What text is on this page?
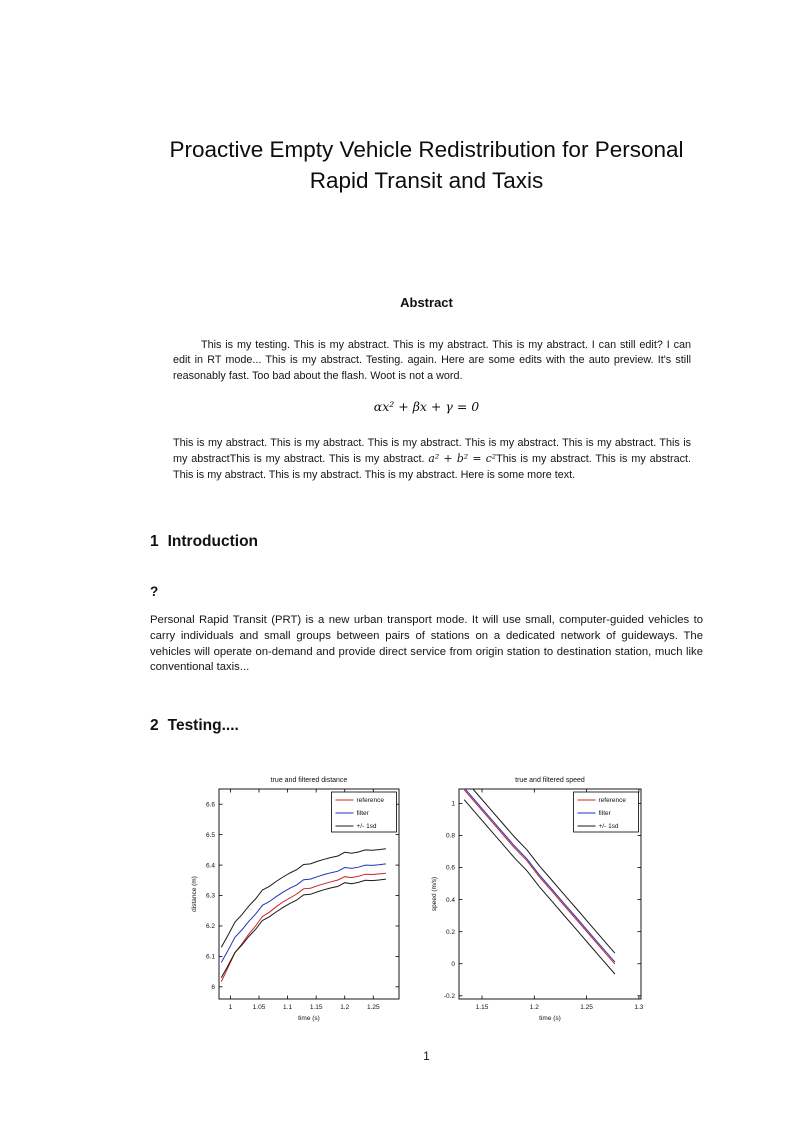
Proactive Empty Vehicle Redistribution for Personal
Rapid Transit and Taxis
Abstract
This is my testing. This is my abstract. This is my abstract. This is my abstract. I can still edit? I can edit in RT mode... This is my abstract. Testing. again. Here are some edits with the auto preview. It's still reasonably fast. Too bad about the flash. Woot is not a word.
αx² + βx + γ = 0
This is my abstract. This is my abstract. This is my abstract. This is my abstract. This is my abstract. This is my abstractThis is my abstract. This is my abstract. a² + b² = c²This is my abstract. This is my abstract. This is my abstract. This is my abstract. This is my abstract. Here is some more text.
1 Introduction
?
Personal Rapid Transit (PRT) is a new urban transport mode. It will use small, computer-guided vehicles to carry individuals and small groups between pairs of stations on a dedicated network of guideways. The vehicles will operate on-demand and provide direct service from origin station to destination station, much like conventional taxis...
2 Testing....
true and filtered distance
1	1.05	1.1	1.15	1.2	1.25
6
6.1
6.2
6.3
6.4
6.5
6.6
time (s)
distance (m)
reference
filter
+/- 1sd
true and filtered speed
1.15	1.2	1.25	1.3
-0.2
0
0.2
0.4
0.6
0.8
1
time (s)
speed (m/s)
reference
filter
+/- 1sd
1
